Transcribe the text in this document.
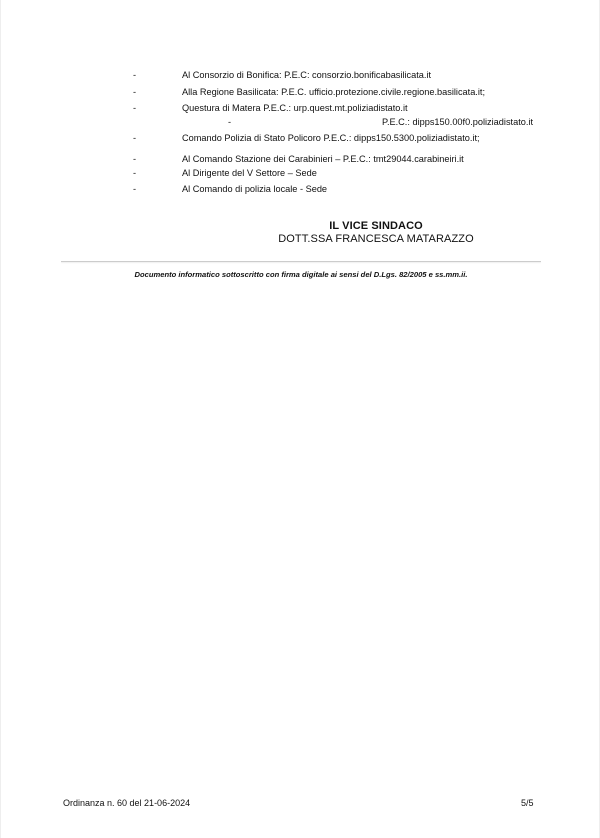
-	Al Consorzio di Bonifica: P.E.C: consorzio.bonificabasilicata.it
-	Alla Regione Basilicata: P.E.C. ufficio.protezione.civile.regione.basilicata.it;
-	Questura di Matera P.E.C.: urp.quest.mt.poliziadistato.it
-	P.E.C.: dipps150.00f0.poliziadistato.it
-	Comando Polizia di Stato Policoro P.E.C.: dipps150.5300.poliziadistato.it;
-	Al Comando Stazione dei Carabinieri – P.E.C.: tmt29044.carabineiri.it
-	Al Dirigente del V Settore – Sede
-	Al Comando di polizia locale - Sede
IL VICE SINDACO
DOTT.SSA FRANCESCA MATARAZZO
Documento informatico sottoscritto con firma digitale ai sensi del D.Lgs. 82/2005 e ss.mm.ii.
Ordinanza n. 60 del 21-06-2024	5/5
